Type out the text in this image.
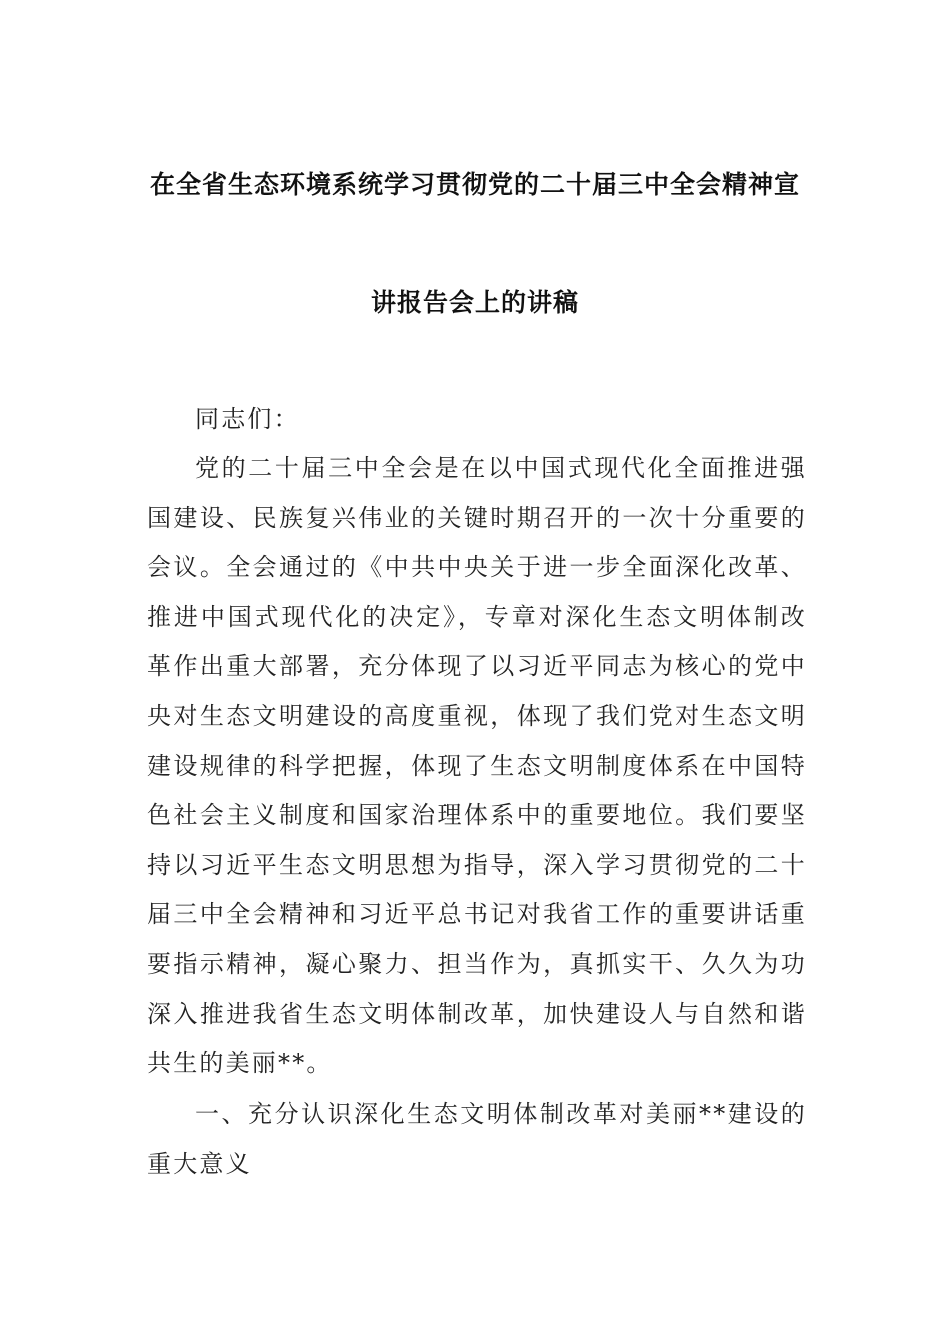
在全省生态环境系统学习贯彻党的二十届三中全会精神宣
讲报告会上的讲稿
同志们：
党的二十届三中全会是在以中国式现代化全面推进强国建设、民族复兴伟业的关键时期召开的一次十分重要的会议。全会通过的《中共中央关于进一步全面深化改革、推进中国式现代化的决定》，专章对深化生态文明体制改革作出重大部署，充分体现了以习近平同志为核心的党中央对生态文明建设的高度重视，体现了我们党对生态文明建设规律的科学把握，体现了生态文明制度体系在中国特色社会主义制度和国家治理体系中的重要地位。我们要坚持以习近平生态文明思想为指导，深入学习贯彻党的二十届三中全会精神和习近平总书记对我省工作的重要讲话重要指示精神，凝心聚力、担当作为，真抓实干、久久为功深入推进我省生态文明体制改革，加快建设人与自然和谐共生的美丽**。
一、充分认识深化生态文明体制改革对美丽**建设的重大意义
